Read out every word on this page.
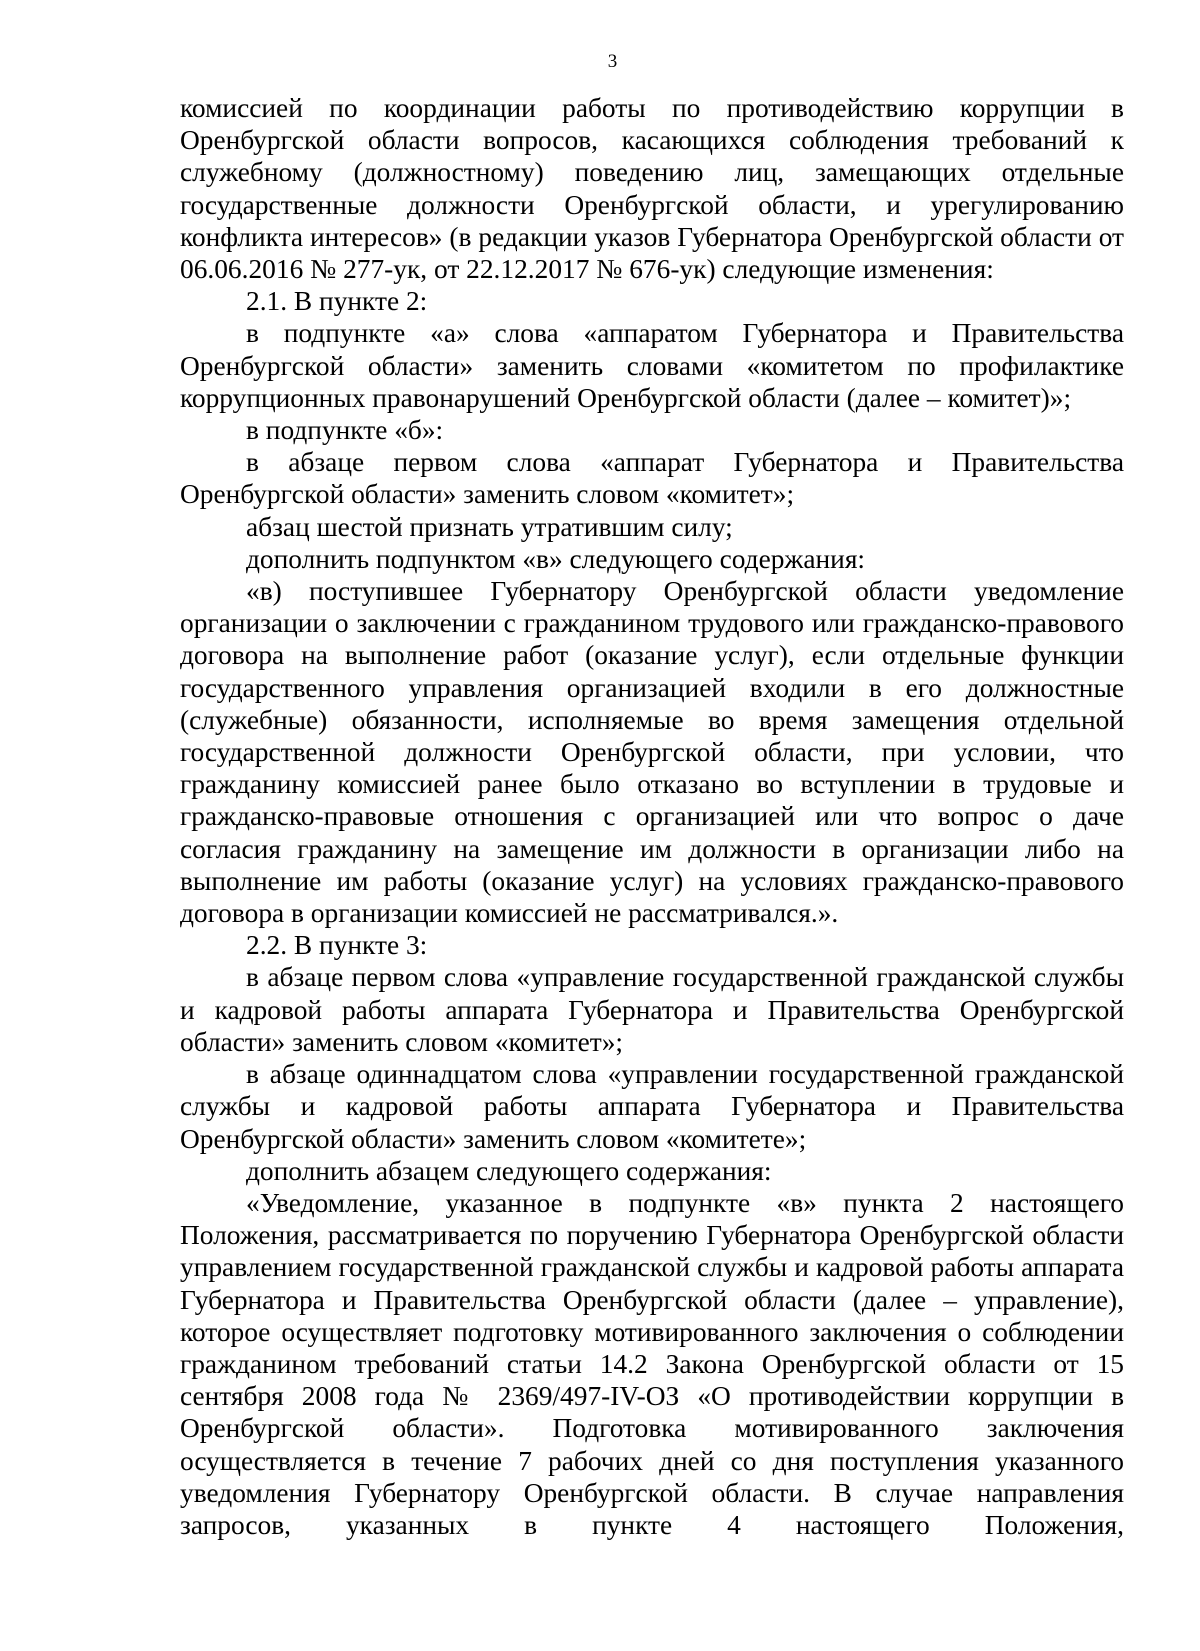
3

комиссией по координации работы по противодействию коррупции в Оренбургской области вопросов, касающихся соблюдения требований к служебному (должностному) поведению лиц, замещающих отдельные государственные должности Оренбургской области, и урегулированию конфликта интересов» (в редакции указов Губернатора Оренбургской области от 06.06.2016 № 277-ук, от 22.12.2017 № 676-ук) следующие изменения:

2.1. В пункте 2:

в подпункте «а» слова «аппаратом Губернатора и Правительства Оренбургской области» заменить словами «комитетом по профилактике коррупционных правонарушений Оренбургской области (далее – комитет)»;

в подпункте «б»:

в абзаце первом слова «аппарат Губернатора и Правительства Оренбургской области» заменить словом «комитет»;

абзац шестой признать утратившим силу;

дополнить подпунктом «в» следующего содержания:

«в) поступившее Губернатору Оренбургской области уведомление организации о заключении с гражданином трудового или гражданско-правового договора на выполнение работ (оказание услуг), если отдельные функции государственного управления организацией входили в его должностные (служебные) обязанности, исполняемые во время замещения отдельной государственной должности Оренбургской области, при условии, что гражданину комиссией ранее было отказано во вступлении в трудовые и гражданско-правовые отношения с организацией или что вопрос о даче согласия гражданину на замещение им должности в организации либо на выполнение им работы (оказание услуг) на условиях гражданско-правового договора в организации комиссией не рассматривался.».

2.2. В пункте 3:

в абзаце первом слова «управление государственной гражданской службы и кадровой работы аппарата Губернатора и Правительства Оренбургской области» заменить словом «комитет»;

в абзаце одиннадцатом слова «управлении государственной гражданской службы и кадровой работы аппарата Губернатора и Правительства Оренбургской области» заменить словом «комитете»;

дополнить абзацем следующего содержания:

«Уведомление, указанное в подпункте «в» пункта 2 настоящего Положения, рассматривается по поручению Губернатора Оренбургской области управлением государственной гражданской службы и кадровой работы аппарата Губернатора и Правительства Оренбургской области (далее – управление), которое осуществляет подготовку мотивированного заключения о соблюдении гражданином требований статьи 14.2 Закона Оренбургской области от 15 сентября 2008 года № 2369/497-IV-ОЗ «О противодействии коррупции в Оренбургской области». Подготовка мотивированного заключения осуществляется в течение 7 рабочих дней со дня поступления указанного уведомления Губернатору Оренбургской области. В случае направления запросов, указанных в пункте 4 настоящего Положения,
